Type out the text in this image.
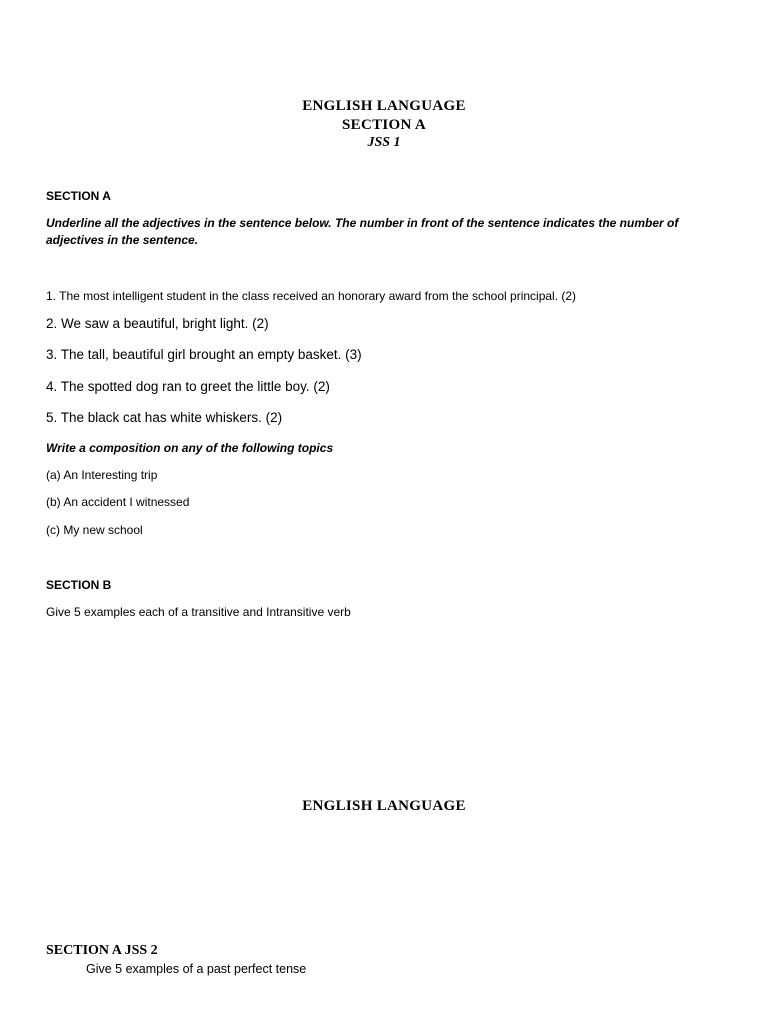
ENGLISH LANGUAGE
SECTION A
JSS 1
SECTION A
Underline all the adjectives in the sentence below. The number in front of the sentence indicates the number of adjectives in the sentence.
1. The most intelligent student in the class received an honorary award from the school principal. (2)
2. We saw a beautiful, bright light. (2)
3. The tall, beautiful girl brought an empty basket. (3)
4. The spotted dog ran to greet the little boy. (2)
5. The black cat has white whiskers. (2)
Write a composition on any of the following topics
(a) An Interesting trip
(b) An accident I witnessed
(c) My new school
SECTION B
Give 5 examples each of a transitive and Intransitive verb
ENGLISH LANGUAGE
SECTION A JSS 2
Give 5 examples of a past perfect tense
